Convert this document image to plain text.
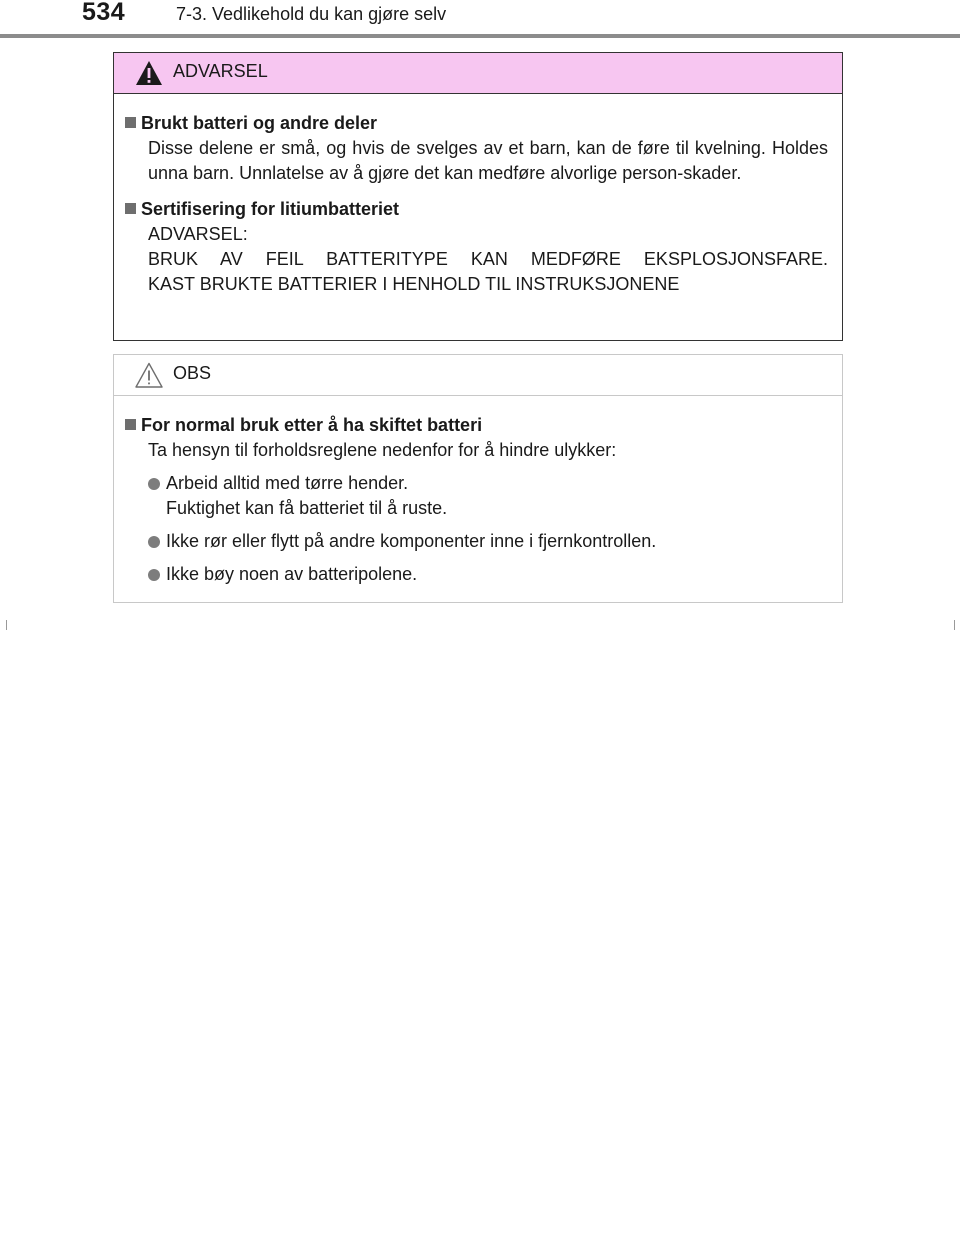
534	7-3. Vedlikehold du kan gjøre selv
ADVARSEL
Brukt batteri og andre deler

Disse delene er små, og hvis de svelges av et barn, kan de føre til kvelning. Holdes unna barn. Unnlatelse av å gjøre det kan medføre alvorlige person-skader.

Sertifisering for litiumbatteriet

ADVARSEL:

BRUK AV FEIL BATTERITYPE KAN MEDFØRE EKSPLOSJONSFARE.

KAST BRUKTE BATTERIER I HENHOLD TIL INSTRUKSJONENE

OBS
For normal bruk etter å ha skiftet batteri

Ta hensyn til forholdsreglene nedenfor for å hindre ulykker:

Arbeid alltid med tørre hender.
Fuktighet kan få batteriet til å ruste.
Ikke rør eller flytt på andre komponenter inne i fjernkontrollen.
Ikke bøy noen av batteripolene.
